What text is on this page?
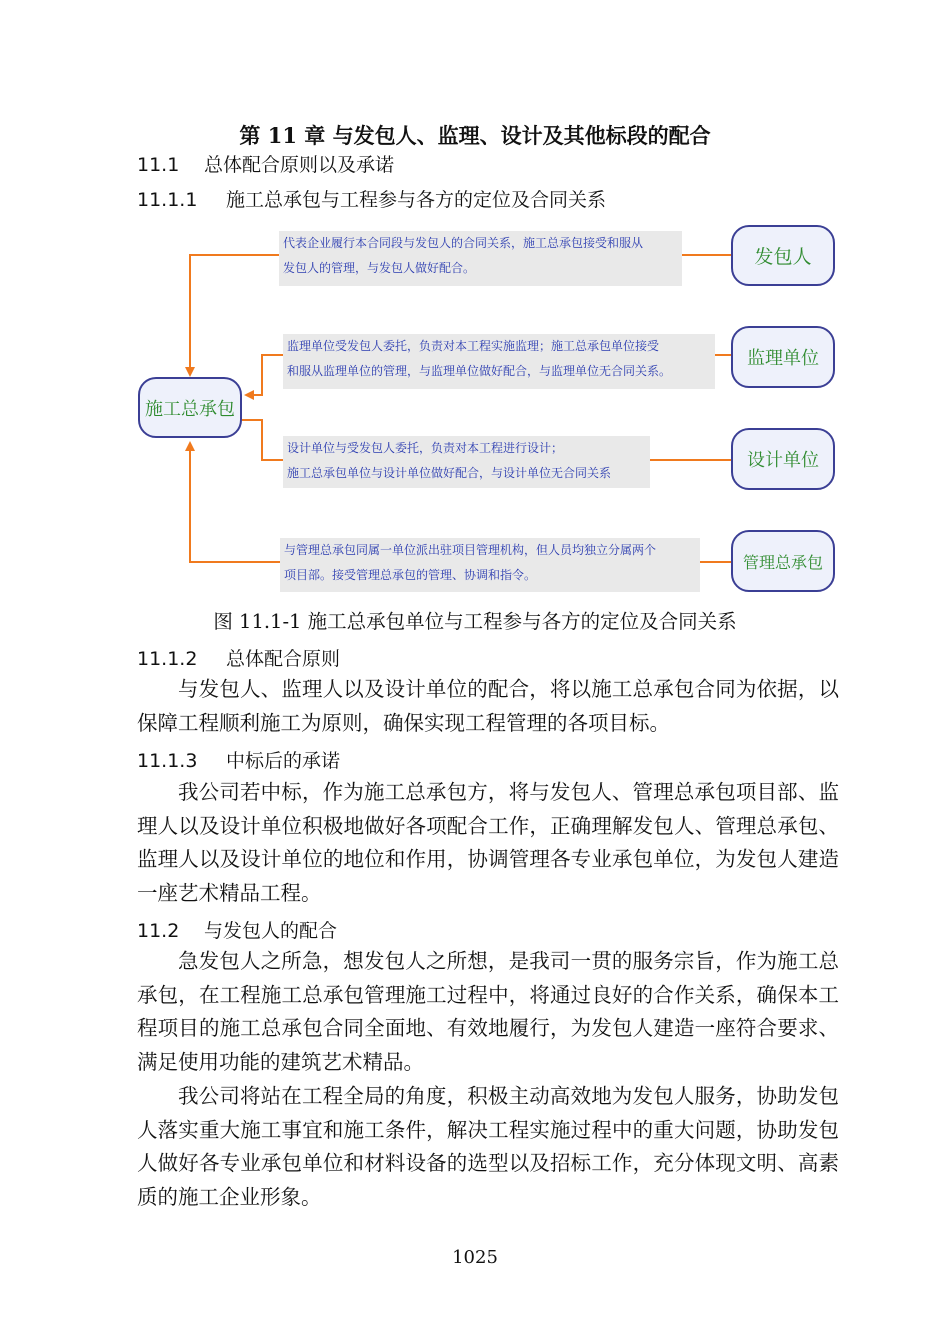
第 11 章 与发包人、监理、设计及其他标段的配合
11.1 总体配合原则以及承诺
11.1.1 施工总承包与工程参与各方的定位及合同关系
代表企业履行本合同段与发包人的合同关系，施工总承包接受和服从
发包人的管理，与发包人做好配合。
监理单位受发包人委托，负责对本工程实施监理；施工总承包单位接受
和服从监理单位的管理，与监理单位做好配合，与监理单位无合同关系。
设计单位与受发包人委托，负责对本工程进行设计；
施工总承包单位与设计单位做好配合，与设计单位无合同关系
与管理总承包同属一单位派出驻项目管理机构，但人员均独立分属两个
项目部。接受管理总承包的管理、协调和指令。
施工总承包
发包人
监理单位
设计单位
管理总承包
图 11.1-1 施工总承包单位与工程参与各方的定位及合同关系
11.1.2 总体配合原则

与发包人、监理人以及设计单位的配合，将以施工总承包合同为依据，以保障工程顺利施工为原则，确保实现工程管理的各项目标。

11.1.3 中标后的承诺

我公司若中标，作为施工总承包方，将与发包人、管理总承包项目部、监理人以及设计单位积极地做好各项配合工作，正确理解发包人、管理总承包、监理人以及设计单位的地位和作用，协调管理各专业承包单位，为发包人建造一座艺术精品工程。

11.2 与发包人的配合

急发包人之所急，想发包人之所想，是我司一贯的服务宗旨，作为施工总承包，在工程施工总承包管理施工过程中，将通过良好的合作关系，确保本工程项目的施工总承包合同全面地、有效地履行，为发包人建造一座符合要求、满足使用功能的建筑艺术精品。

我公司将站在工程全局的角度，积极主动高效地为发包人服务，协助发包人落实重大施工事宜和施工条件，解决工程实施过程中的重大问题，协助发包人做好各专业承包单位和材料设备的选型以及招标工作，充分体现文明、高素质的施工企业形象。

1025
